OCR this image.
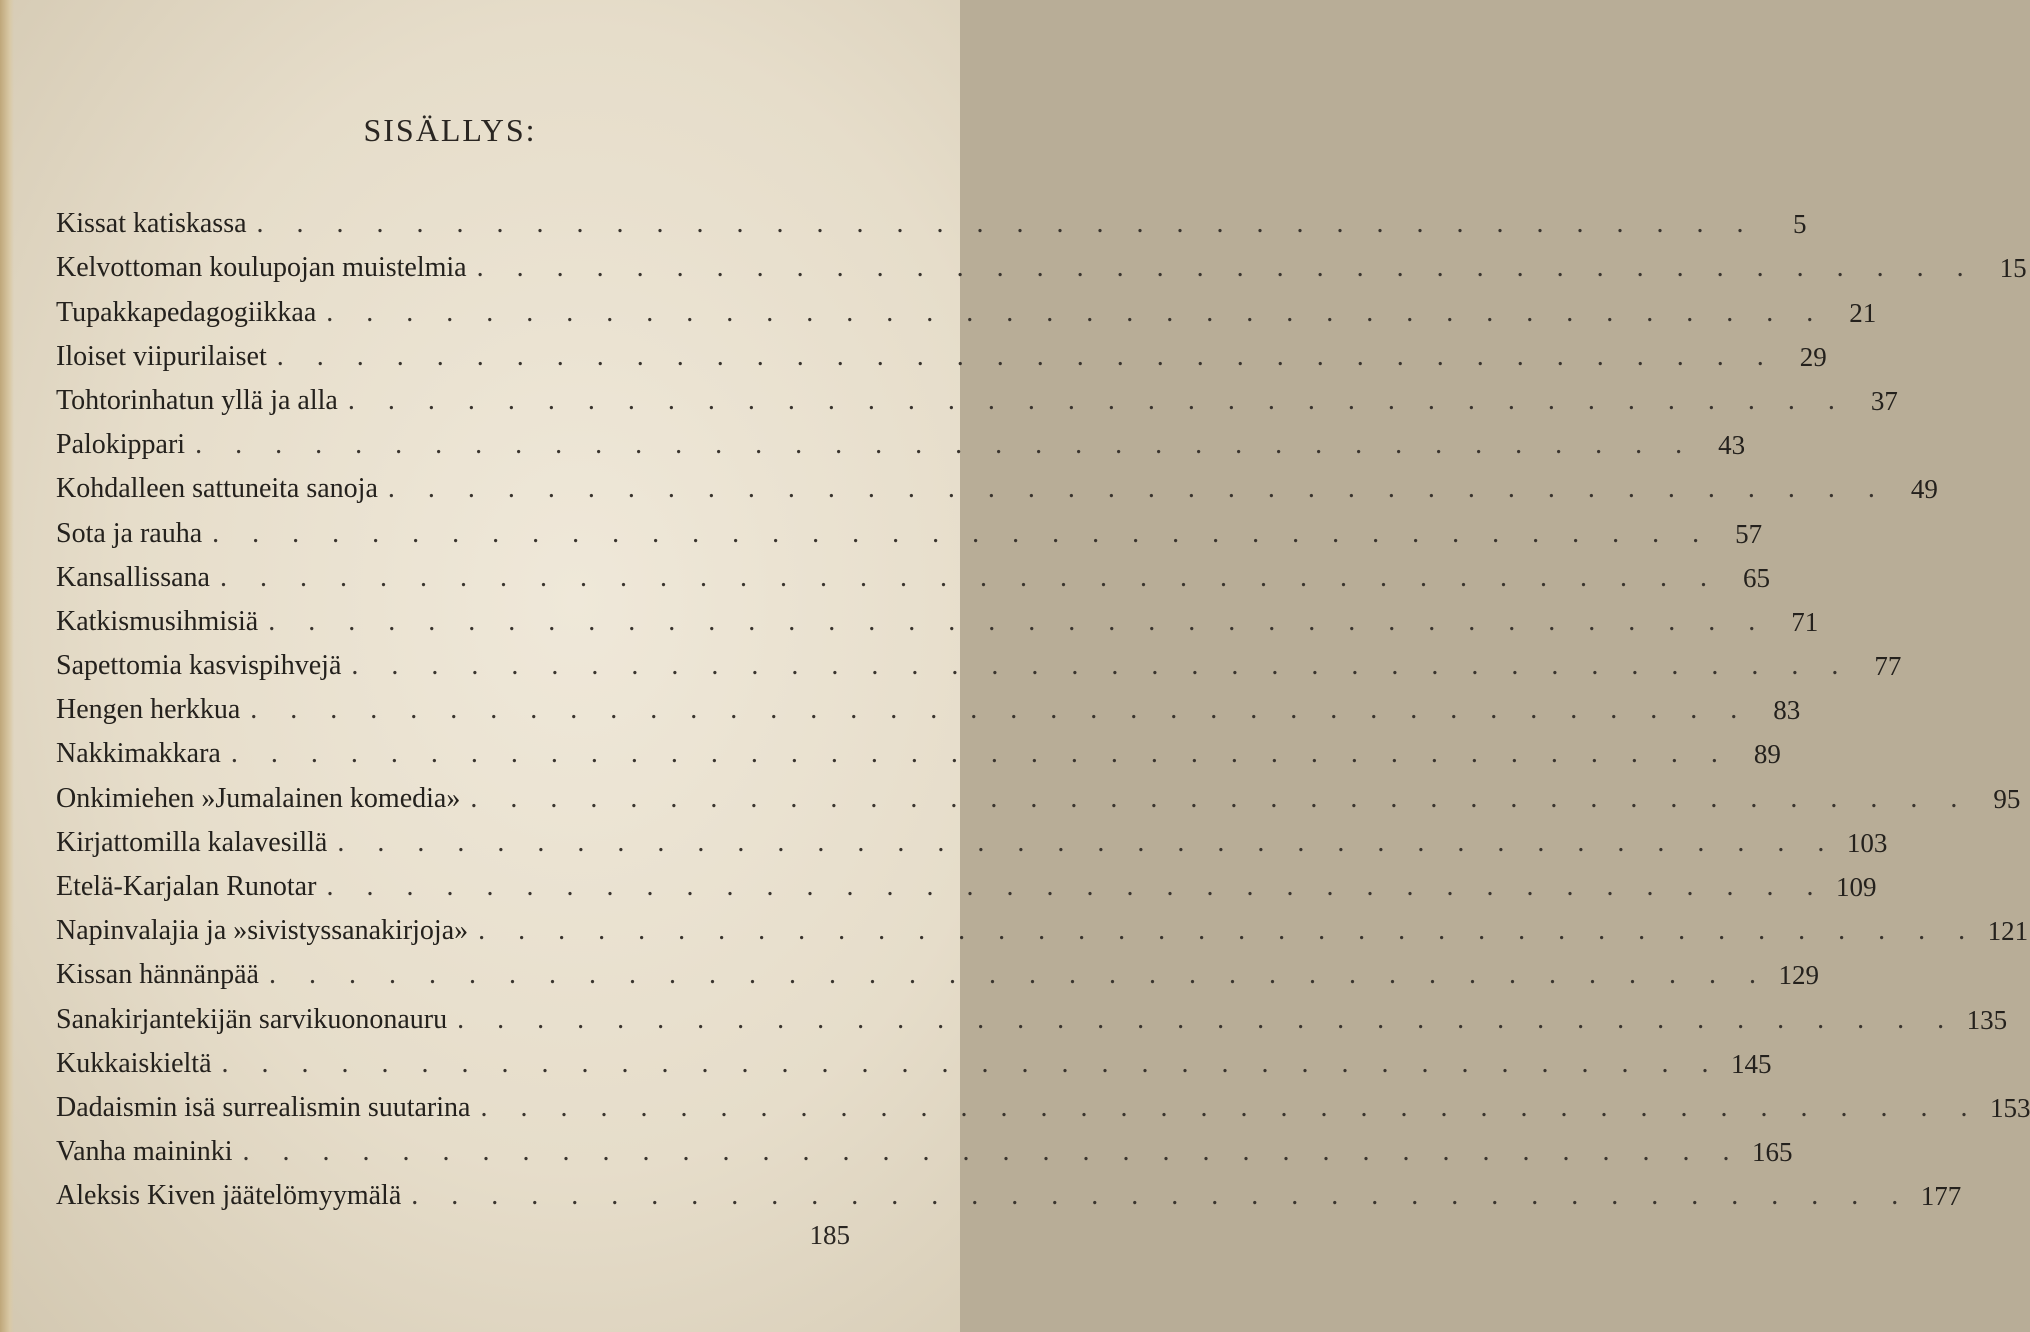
SISÄLLYS:
Kissat katiskassa . . . . . . . . . . . . . . . . . . . . . . . . . . . . . . . . . . . . . .	5
Kelvottoman koulupojan muistelmia . . . . . . . . . . . . . . . . . . . . . . . . . . . . . . . . . . . . . . 15
Tupakkapedagogiikkaa . . . . . . . . . . . . . . . . . . . . . . . . . . . . . . . . . . . . . . 21
Iloiset viipurilaiset . . . . . . . . . . . . . . . . . . . . . . . . . . . . . . . . . . . . . . 29
Tohtorinhatun yllä ja alla . . . . . . . . . . . . . . . . . . . . . . . . . . . . . . . . . . . . . . 37
Palokippari . . . . . . . . . . . . . . . . . . . . . . . . . . . . . . . . . . . . . . 43
Kohdalleen sattuneita sanoja . . . . . . . . . . . . . . . . . . . . . . . . . . . . . . . . . . . . . . 49
Sota ja rauha . . . . . . . . . . . . . . . . . . . . . . . . . . . . . . . . . . . . . . 57
Kansallissana . . . . . . . . . . . . . . . . . . . . . . . . . . . . . . . . . . . . . . 65
Katkismusihmisiä . . . . . . . . . . . . . . . . . . . . . . . . . . . . . . . . . . . . . . 71
Sapettomia kasvispihvejä . . . . . . . . . . . . . . . . . . . . . . . . . . . . . . . . . . . . . . 77
Hengen herkkua . . . . . . . . . . . . . . . . . . . . . . . . . . . . . . . . . . . . . . 83
Nakkimakkara . . . . . . . . . . . . . . . . . . . . . . . . . . . . . . . . . . . . . . 89
Onkimiehen »Jumalainen komedia» . . . . . . . . . . . . . . . . . . . . . . . . . . . . . . . . . . . . . . 95
Kirjattomilla kalavesillä . . . . . . . . . . . . . . . . . . . . . . . . . . . . . . . . . . . . . . 103
Etelä-Karjalan Runotar . . . . . . . . . . . . . . . . . . . . . . . . . . . . . . . . . . . . . . 109
Napinvalajia ja »sivistyssanakirjoja» . . . . . . . . . . . . . . . . . . . . . . . . . . . . . . . . . . . . . . 121
Kissan hännänpää . . . . . . . . . . . . . . . . . . . . . . . . . . . . . . . . . . . . . . 129
Sanakirjantekijän sarvikuononauru . . . . . . . . . . . . . . . . . . . . . . . . . . . . . . . . . . . . . . 135
Kukkaiskieltä . . . . . . . . . . . . . . . . . . . . . . . . . . . . . . . . . . . . . . 145
Dadaismin isä surrealismin suutarina . . . . . . . . . . . . . . . . . . . . . . . . . . . . . . . . . . . . . . 153
Vanha maininki . . . . . . . . . . . . . . . . . . . . . . . . . . . . . . . . . . . . . . 165
Aleksis Kiven jäätelömyymälä . . . . . . . . . . . . . . . . . . . . . . . . . . . . . . . . . . . . . . 177
185
